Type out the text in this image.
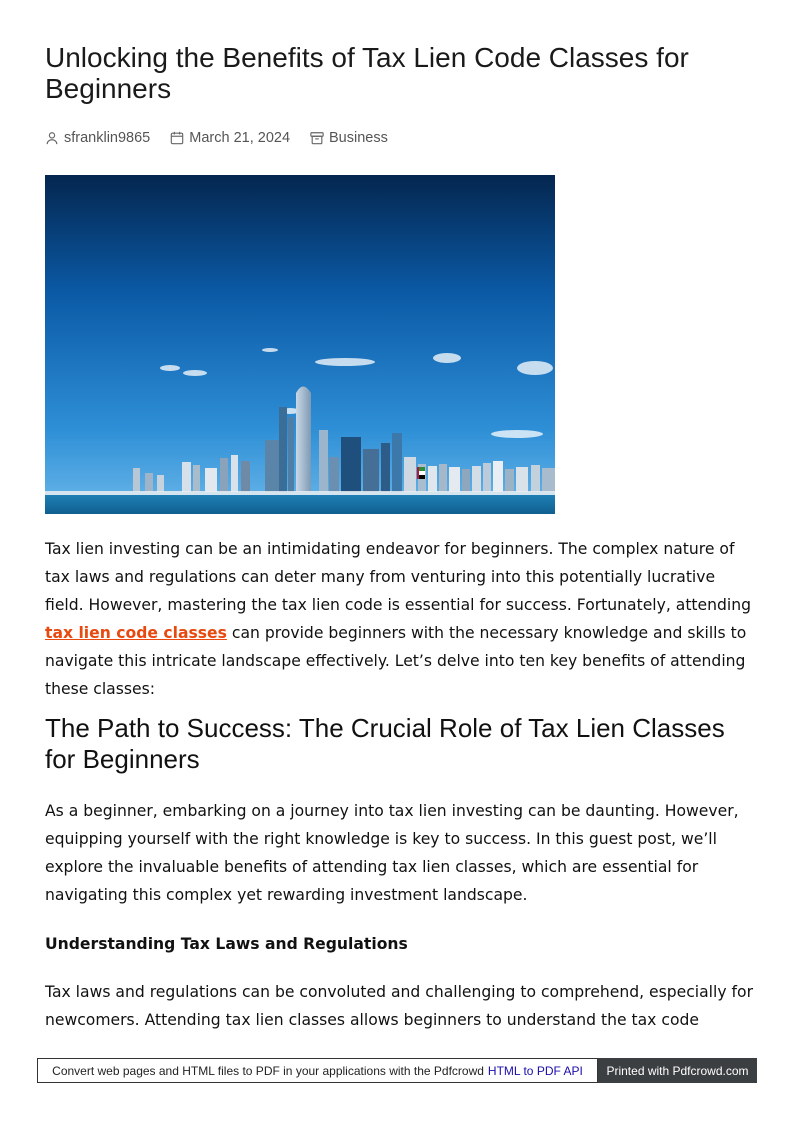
Unlocking the Benefits of Tax Lien Code Classes for Beginners
sfranklin9865	March 21, 2024	Business

Tax lien investing can be an intimidating endeavor for beginners. The complex nature of tax laws and regulations can deter many from venturing into this potentially lucrative field. However, mastering the tax lien code is essential for success. Fortunately, attending tax lien code classes can provide beginners with the necessary knowledge and skills to navigate this intricate landscape effectively. Let’s delve into ten key benefits of attending these classes:

The Path to Success: The Crucial Role of Tax Lien Classes for Beginners

As a beginner, embarking on a journey into tax lien investing can be daunting. However, equipping yourself with the right knowledge is key to success. In this guest post, we’ll explore the invaluable benefits of attending tax lien classes, which are essential for navigating this complex yet rewarding investment landscape.

Understanding Tax Laws and Regulations

Tax laws and regulations can be convoluted and challenging to comprehend, especially for newcomers. Attending tax lien classes allows beginners to understand the tax code

Convert web pages and HTML files to PDF in your applications with the Pdfcrowd HTML to PDF API	Printed with Pdfcrowd.com
